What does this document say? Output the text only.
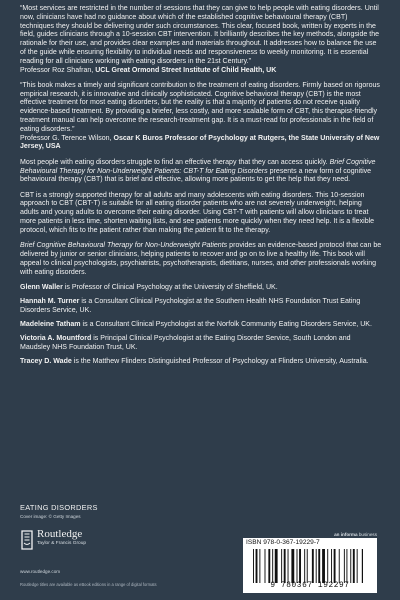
“Most services are restricted in the number of sessions that they can give to help people with eating disorders. Until now, clinicians have had no guidance about which of the established cognitive behavioural therapy (CBT) techniques they should be delivering under such circumstances. This clear, focused book, written by experts in the field, guides clinicians through a 10-session CBT intervention. It brilliantly describes the key methods, alongside the rationale for their use, and provides clear examples and materials throughout. It addresses how to balance the use of the guide while ensuring flexibility to individual needs and responsiveness to weekly monitoring. It is essential reading for all clinicians working with eating disorders in the 21st Century.”

Professor Roz Shafran, UCL Great Ormond Street Institute of Child Health, UK

“This book makes a timely and significant contribution to the treatment of eating disorders. Firmly based on rigorous empirical research, it is innovative and clinically sophisticated. Cognitive behavioral therapy (CBT) is the most effective treatment for most eating disorders, but the reality is that a majority of patients do not receive quality evidence-based treatment. By providing a briefer, less costly, and more scalable form of CBT, this therapist-friendly treatment manual can help overcome the research-treatment gap. It is a must-read for professionals in the field of eating disorders.”

Professor G. Terence Wilson, Oscar K Buros Professor of Psychology at Rutgers, the State University of New Jersey, USA

Most people with eating disorders struggle to find an effective therapy that they can access quickly. Brief Cognitive Behavioural Therapy for Non-Underweight Patients: CBT-T for Eating Disorders presents a new form of cognitive behavioural therapy (CBT) that is brief and effective, allowing more patients to get the help that they need.

CBT is a strongly supported therapy for all adults and many adolescents with eating disorders. This 10-session approach to CBT (CBT-T) is suitable for all eating disorder patients who are not severely underweight, helping adults and young adults to overcome their eating disorder. Using CBT-T with patients will allow clinicians to treat more patients in less time, shorten waiting lists, and see patients more quickly when they need help. It is a flexible protocol, which fits to the patient rather than making the patient fit to the therapy.

Brief Cognitive Behavioural Therapy for Non-Underweight Patients provides an evidence-based protocol that can be delivered by junior or senior clinicians, helping patients to recover and go on to live a healthy life. This book will appeal to clinical psychologists, psychiatrists, psychotherapists, dietitians, nurses, and other professionals working with eating disorders.

Glenn Waller is Professor of Clinical Psychology at the University of Sheffield, UK.

Hannah M. Turner is a Consultant Clinical Psychologist at the Southern Health NHS Foundation Trust Eating Disorders Service, UK.

Madeleine Tatham is a Consultant Clinical Psychologist at the Norfolk Community Eating Disorders Service, UK.

Victoria A. Mountford is Principal Clinical Psychologist at the Eating Disorder Service, South London and Maudsley NHS Foundation Trust, UK.

Tracey D. Wade is the Matthew Flinders Distinguished Professor of Psychology at Flinders University, Australia.

EATING DISORDERS
Cover image: © Getty Images
Routledge
Taylor & Francis Group
www.routledge.com
Routledge titles are available as eBook editions in a range of digital formats
an informa business
ISBN 978-0-367-19229-7
9 780367 192297
